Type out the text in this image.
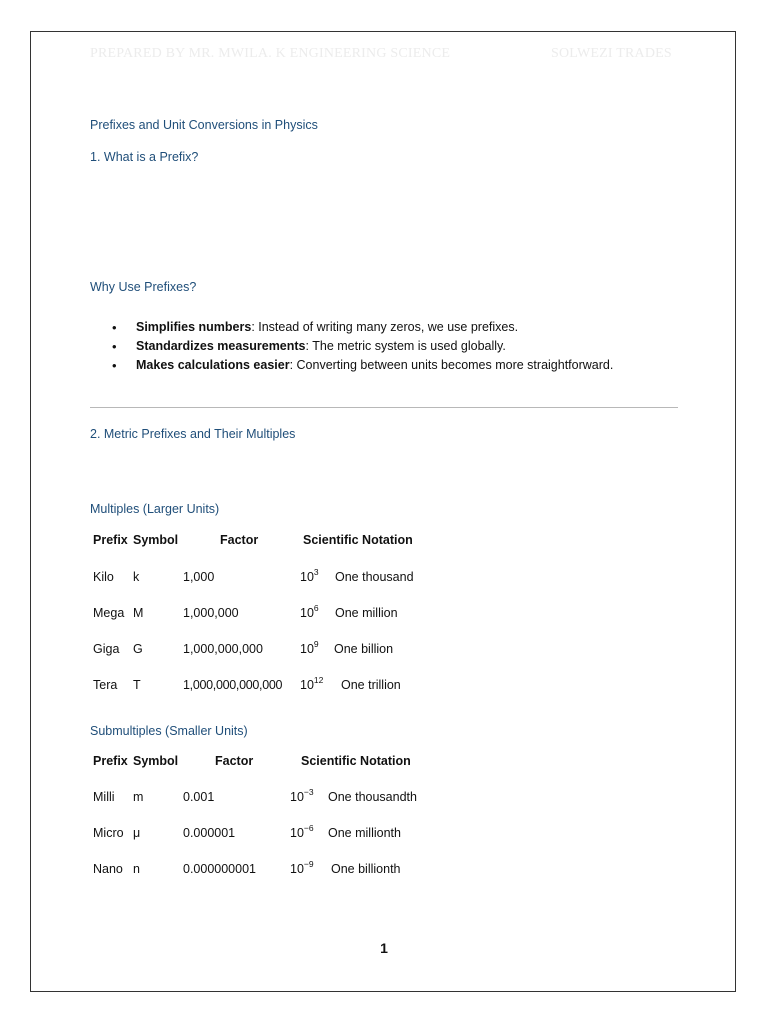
PREPARED BY MR. MWILA. K ENGINEERING SCIENCE	SOLWEZI TRADES
Prefixes and Unit Conversions in Physics
1. What is a Prefix?
Why Use Prefixes?
• Simplifies numbers: Instead of writing many zeros, we use prefixes.
• Standardizes measurements: The metric system is used globally.
• Makes calculations easier: Converting between units becomes more straightforward.
2. Metric Prefixes and Their Multiples
Multiples (Larger Units)
Prefix Symbol	Factor	Scientific Notation
Kilo k	1,000	$10^3$ One thousand
Mega M	1,000,000	$10^6$ One million
Giga G	1,000,000,000	$10^9$ One billion
Tera T	1,000,000,000,000 $10^{12}$ One trillion
Submultiples (Smaller Units)
Prefix Symbol	Factor	Scientific Notation
Milli m	0.001	$10^{-3}$ One thousandth
Micro μ	0.000001	$10^{-6}$ One millionth
Nano n	0.000000001	$10^{-9}$ One billionth
1
